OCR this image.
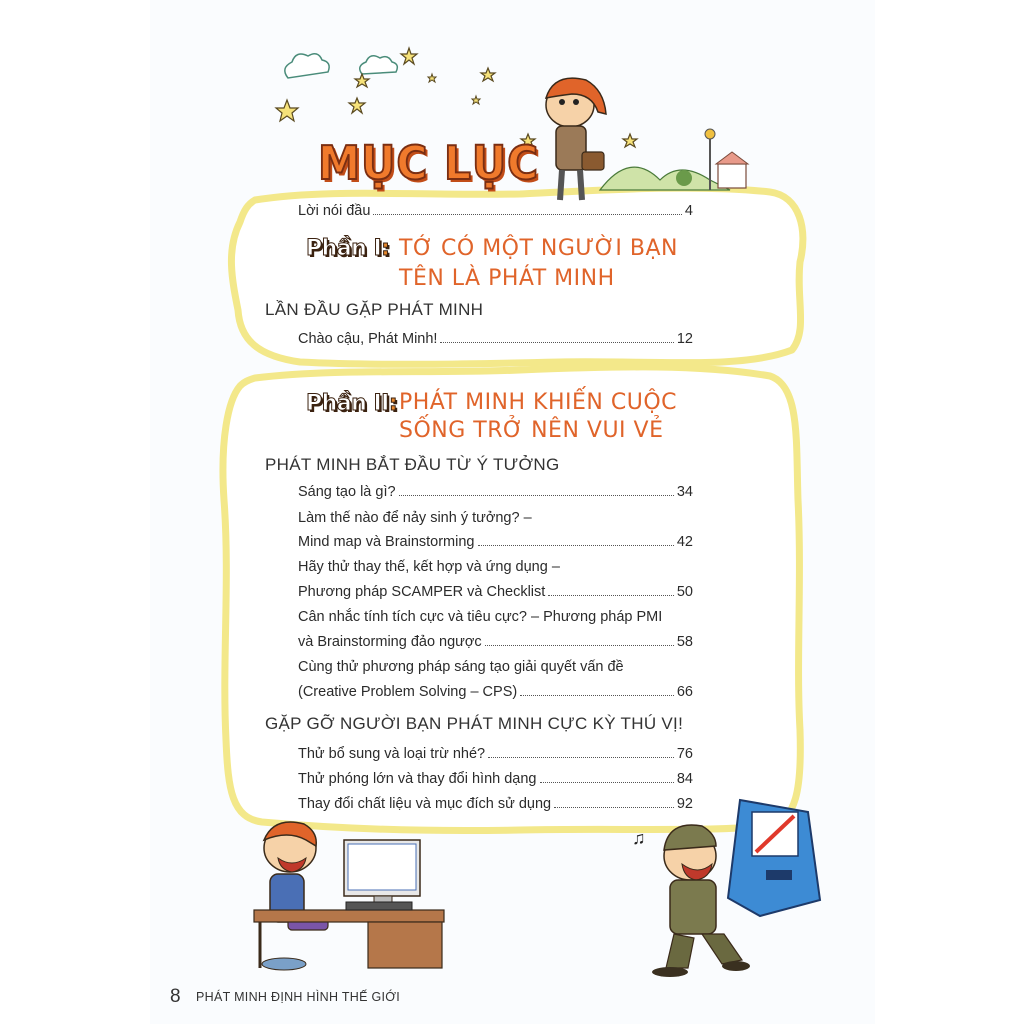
MỤC LỤC
Lời nói đầu	4
Phần I: TỚ CÓ MỘT NGƯỜI BẠN
TÊN LÀ PHÁT MINH
LẦN ĐẦU GẶP PHÁT MINH
Chào cậu, Phát Minh!	12
Phần II: PHÁT MINH KHIẾN CUỘC
SỐNG TRỞ NÊN VUI VẺ
PHÁT MINH BẮT ĐẦU TỪ Ý TƯỞNG
Sáng tạo là gì?	34
Làm thế nào để nảy sinh ý tưởng? –
Mind map và Brainstorming	42
Hãy thử thay thế, kết hợp và ứng dụng –
Phương pháp SCAMPER và Checklist	50
Cân nhắc tính tích cực và tiêu cực? – Phương pháp PMI
và Brainstorming đảo ngược	58
Cùng thử phương pháp sáng tạo giải quyết vấn đề
(Creative Problem Solving – CPS)	66
GẶP GỠ NGƯỜI BẠN PHÁT MINH CỰC KỲ THÚ VỊ!
Thử bổ sung và loại trừ nhé?	76
Thử phóng lớn và thay đổi hình dạng	84
Thay đổi chất liệu và mục đích sử dụng	92
♫
8 PHÁT MINH ĐỊNH HÌNH THẾ GIỚI
